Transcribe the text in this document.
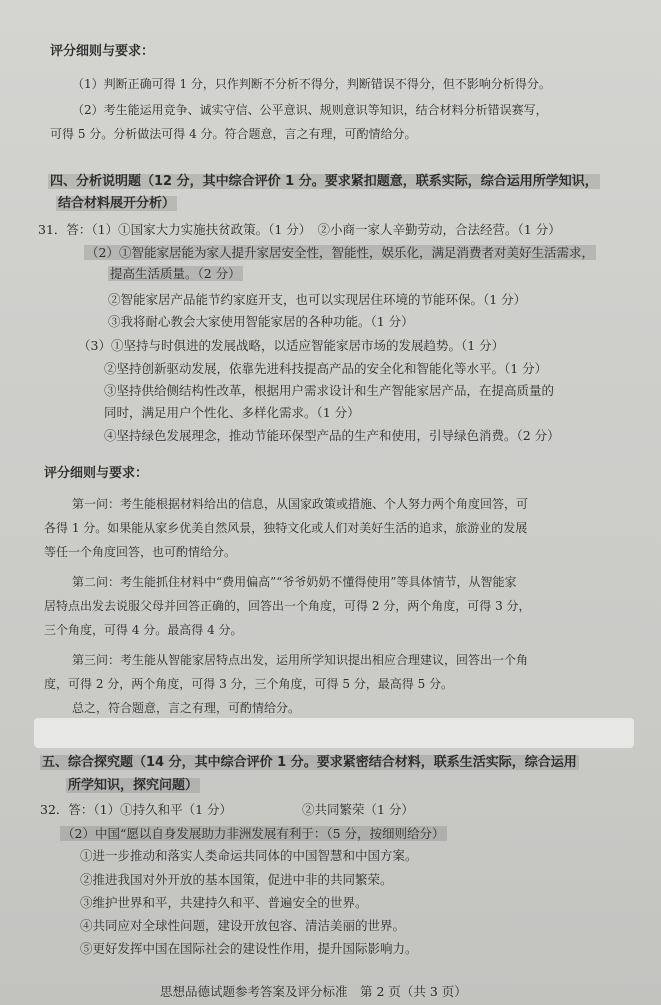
评分细则与要求：
（1）判断正确可得 1 分，只作判断不分析不得分，判断错误不得分，但不影响分析得分。
（2）考生能运用竞争、诚实守信、公平意识、规则意识等知识，结合材料分析错误赛写，
可得 5 分。分析做法可得 4 分。符合题意，言之有理，可酌情给分。
四、分析说明题（12 分，其中综合评价 1 分。要求紧扣题意，联系实际，综合运用所学知识，
结合材料展开分析）
31．答：（1）①国家大力实施扶贫政策。（1 分）　②小商一家人辛勤劳动，合法经营。（1 分）
（2）①智能家居能为家人提升家居安全性，智能性，娱乐化，满足消费者对美好生活需求，
提高生活质量。（2 分）
②智能家居产品能节约家庭开支，也可以实现居住环境的节能环保。（1 分）
③我将耐心教会大家使用智能家居的各种功能。（1 分）
（3）①坚持与时俱进的发展战略，以适应智能家居市场的发展趋势。（1 分）
②坚持创新驱动发展，依靠先进科技提高产品的安全化和智能化等水平。（1 分）
③坚持供给侧结构性改革，根据用户需求设计和生产智能家居产品，在提高质量的
同时，满足用户个性化、多样化需求。（1 分）
④坚持绿色发展理念，推动节能环保型产品的生产和使用，引导绿色消费。（2 分）
评分细则与要求：
第一问：考生能根据材料给出的信息，从国家政策或措施、个人努力两个角度回答，可
各得 1 分。如果能从家乡优美自然风景，独特文化或人们对美好生活的追求，旅游业的发展
等任一个角度回答，也可酌情给分。
第二问：考生能抓住材料中“费用偏高”“爷爷奶奶不懂得使用”等具体情节，从智能家
居特点出发去说服父母并回答正确的，回答出一个角度，可得 2 分，两个角度，可得 3 分，
三个角度，可得 4 分。最高得 4 分。
第三问：考生能从智能家居特点出发，运用所学知识提出相应合理建议，回答出一个角
度，可得 2 分，两个角度，可得 3 分，三个角度，可得 5 分，最高得 5 分。
总之，符合题意，言之有理，可酌情给分。
五、综合探究题（14 分，其中综合评价 1 分。要求紧密结合材料，联系生活实际，综合运用
所学知识，探究问题）
32．答：（1）①持久和平（1 分）	②共同繁荣（1 分）
（2）中国“愿以自身发展助力非洲发展有利于：（5 分，按细则给分）
①进一步推动和落实人类命运共同体的中国智慧和中国方案。
②推进我国对外开放的基本国策，促进中非的共同繁荣。
③维护世界和平，共建持久和平、普遍安全的世界。
④共同应对全球性问题，建设开放包容、清洁美丽的世界。
⑤更好发挥中国在国际社会的建设性作用，提升国际影响力。
思想品德试题参考答案及评分标准　第 2 页（共 3 页）
